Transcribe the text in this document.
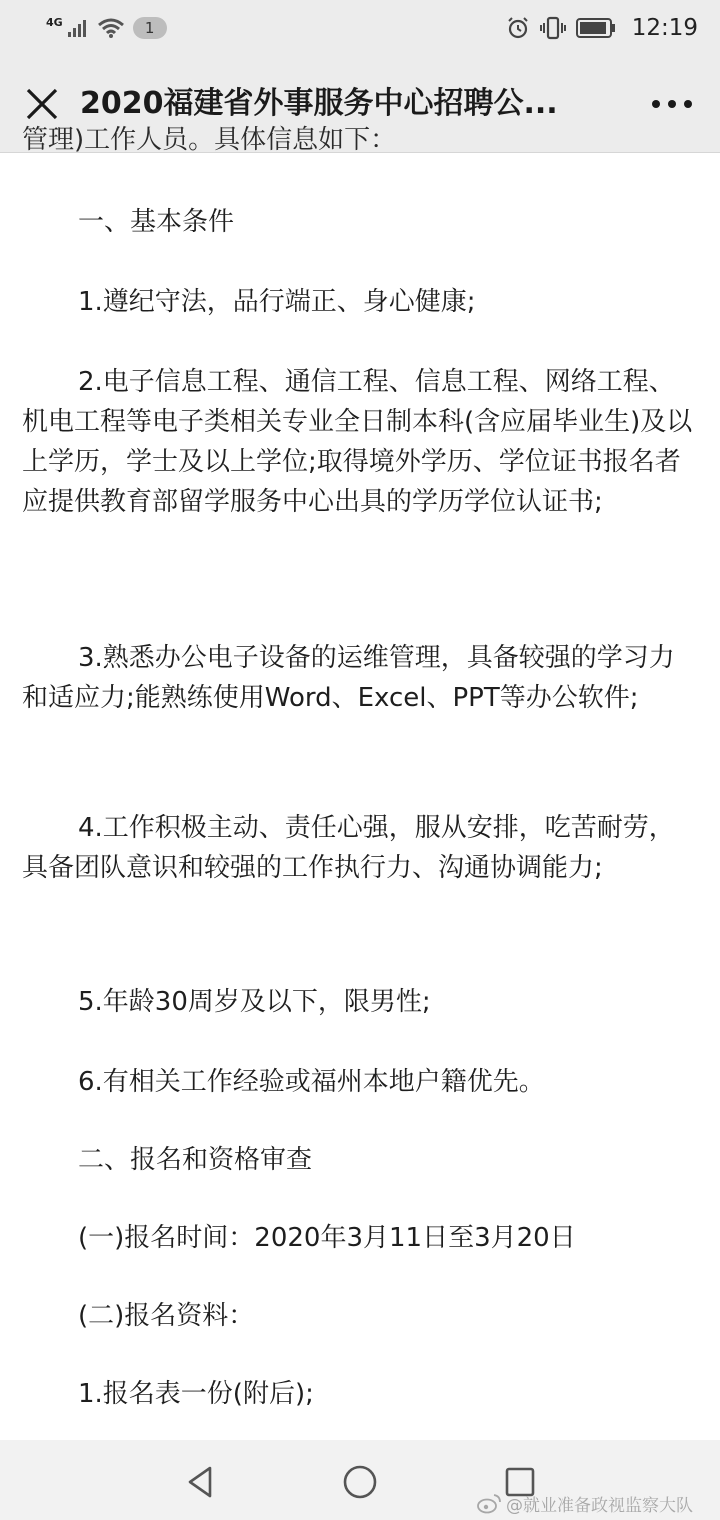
4G	1	12:19
2020福建省外事服务中心招聘公...
管理)工作人员。具体信息如下：

一、基本条件

1.遵纪守法，品行端正、身心健康;

2.电子信息工程、通信工程、信息工程、网络工程、机电工程等电子类相关专业全日制本科(含应届毕业生)及以上学历，学士及以上学位;取得境外学历、学位证书报名者应提供教育部留学服务中心出具的学历学位认证书;

3.熟悉办公电子设备的运维管理，具备较强的学习力和适应力;能熟练使用Word、Excel、PPT等办公软件;

4.工作积极主动、责任心强，服从安排，吃苦耐劳，具备团队意识和较强的工作执行力、沟通协调能力;

5.年龄30周岁及以下，限男性;

6.有相关工作经验或福州本地户籍优先。

二、报名和资格审查

(一)报名时间：2020年3月11日至3月20日

(二)报名资料：

1.报名表一份(附后);

@就业准备政视监察大队
